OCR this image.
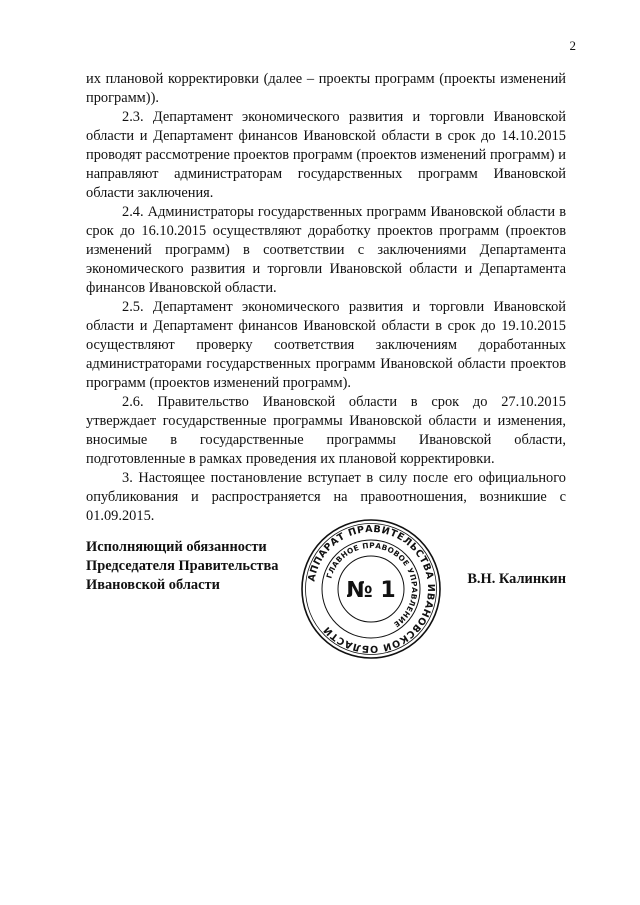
2

их плановой корректировки (далее – проекты программ (проекты изменений программ)).

2.3. Департамент экономического развития и торговли Ивановской области и Департамент финансов Ивановской области в срок до 14.10.2015 проводят рассмотрение проектов программ (проектов изменений программ) и направляют администраторам государственных программ Ивановской области заключения.

2.4. Администраторы государственных программ Ивановской области в срок до 16.10.2015 осуществляют доработку проектов программ (проектов изменений программ) в соответствии с заключениями Департамента экономического развития и торговли Ивановской области и Департамента финансов Ивановской области.

2.5. Департамент экономического развития и торговли Ивановской области и Департамент финансов Ивановской области в срок до 19.10.2015 осуществляют проверку соответствия заключениям доработанных администраторами государственных программ Ивановской области проектов программ (проектов изменений программ).

2.6. Правительство Ивановской области в срок до 27.10.2015 утверждает государственные программы Ивановской области и изменения, вносимые в государственные программы Ивановской области, подготовленные в рамках проведения их плановой корректировки.

3. Настоящее постановление вступает в силу после его официального опубликования и распространяется на правоотношения, возникшие с 01.09.2015.

Исполняющий обязанности
Председателя Правительства
Ивановской области	В.Н. Калинкин
АППАРАТ ПРАВИТЕЛЬСТВА ИВАНОВСКОЙ ОБЛАСТИ
ГЛАВНОЕ ПРАВОВОЕ УПРАВЛЕНИЕ
№ 1
